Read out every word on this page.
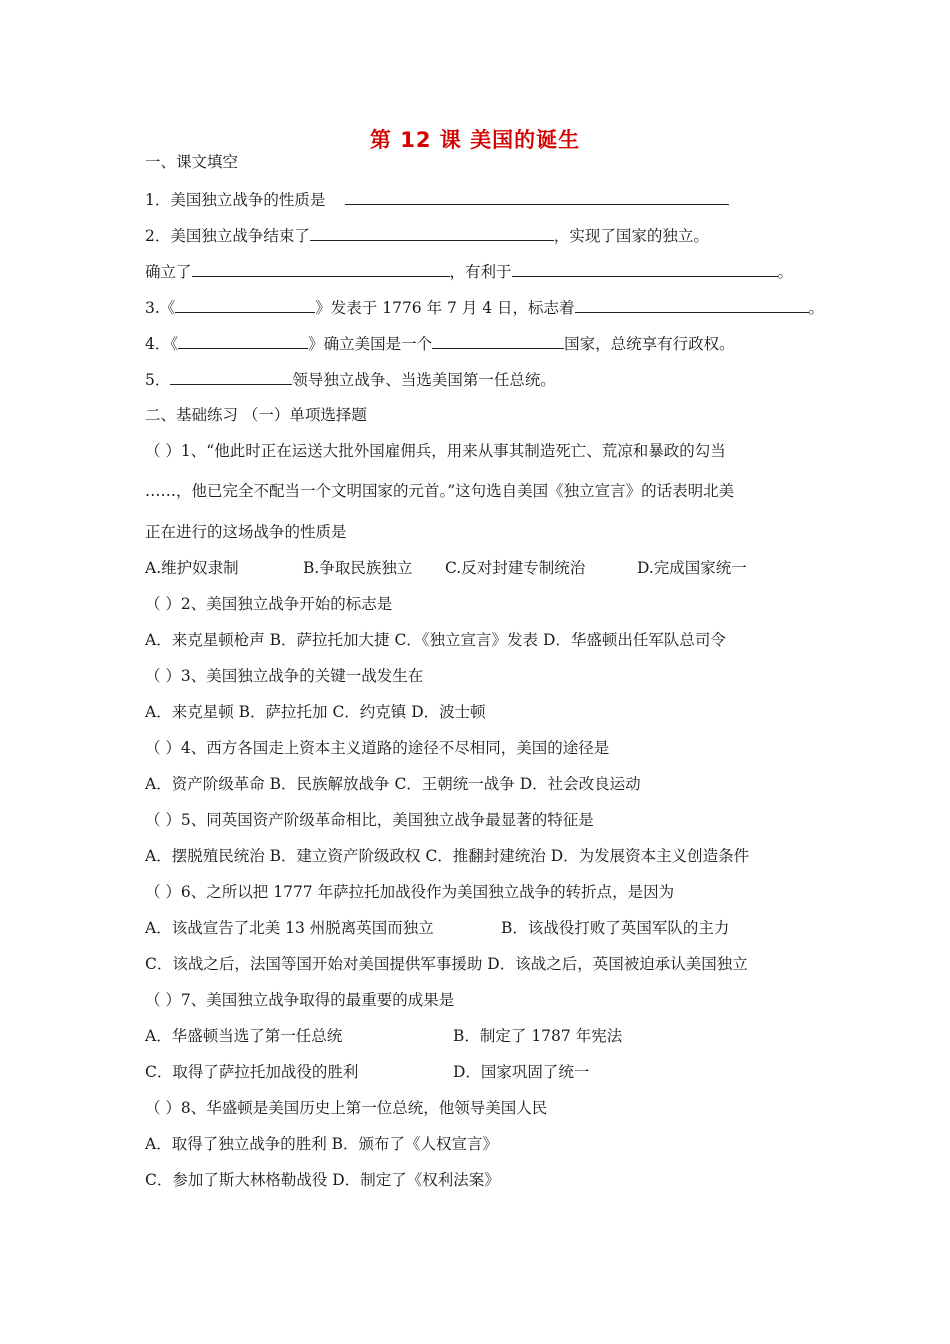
第 12 课 美国的诞生
一、课文填空
1．美国独立战争的性质是
2．美国独立战争结束了	，实现了国家的独立。
确立了	，有利于	。
3.《	》发表于 1776 年 7 月 4 日，标志着	。
4．《	》确立美国是一个	国家，总统享有行政权。
5．	领导独立战争、当选美国第一任总统。
二、基础练习 （一）单项选择题
（ ）1、“他此时正在运送大批外国雇佣兵，用来从事其制造死亡、荒凉和暴政的勾当
……，他已完全不配当一个文明国家的元首。”这句选自美国《独立宣言》的话表明北美
正在进行的这场战争的性质是
A.维护奴隶制	B.争取民族独立 C.反对封建专制统治	D.完成国家统一
（ ）2、美国独立战争开始的标志是
A．来克星顿枪声 B．萨拉托加大捷 C．《独立宣言》发表 D．华盛顿出任军队总司令
（ ）3、美国独立战争的关键一战发生在
A．来克星顿 B．萨拉托加 C．约克镇 D．波士顿
（ ）4、西方各国走上资本主义道路的途径不尽相同，美国的途径是
A．资产阶级革命 B．民族解放战争 C．王朝统一战争 D．社会改良运动
（ ）5、同英国资产阶级革命相比，美国独立战争最显著的特征是
A．摆脱殖民统治 B．建立资产阶级政权 C．推翻封建统治 D．为发展资本主义创造条件
（ ）6、之所以把 1777 年萨拉托加战役作为美国独立战争的转折点，是因为
A．该战宣告了北美 13 州脱离英国而独立	B．该战役打败了英国军队的主力
C．该战之后，法国等国开始对美国提供军事援助 D．该战之后，英国被迫承认美国独立
（ ）7、美国独立战争取得的最重要的成果是
A．华盛顿当选了第一任总统	B．制定了 1787 年宪法
C．取得了萨拉托加战役的胜利	D．国家巩固了统一
（ ）8、华盛顿是美国历史上第一位总统，他领导美国人民
A．取得了独立战争的胜利 B．颁布了《人权宣言》
C．参加了斯大林格勒战役 D．制定了《权利法案》
